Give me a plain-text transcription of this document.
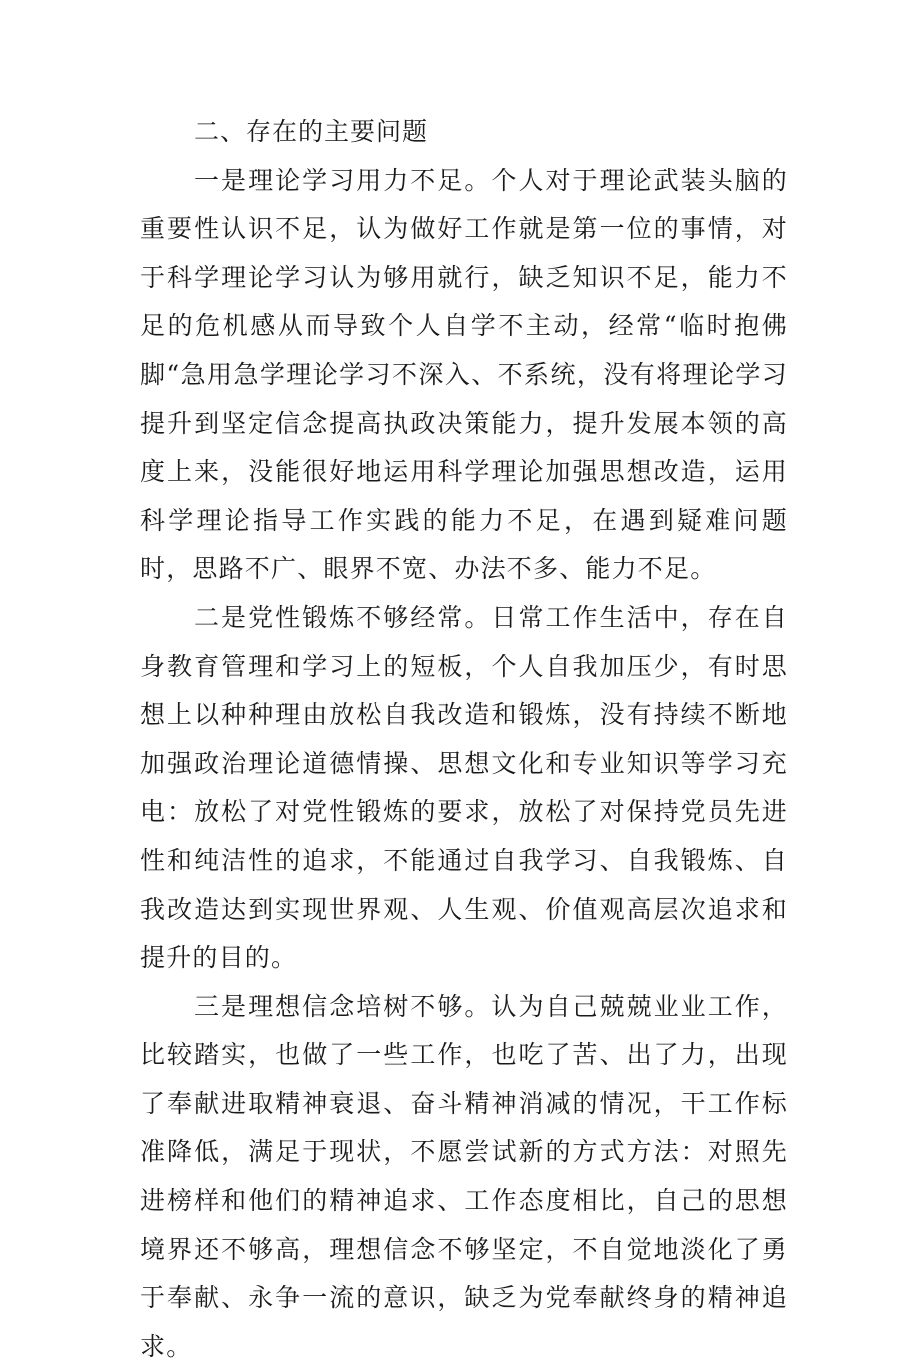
二、存在的主要问题

一是理论学习用力不足。个人对于理论武装头脑的重要性认识不足，认为做好工作就是第一位的事情，对于科学理论学习认为够用就行，缺乏知识不足，能力不足的危机感从而导致个人自学不主动，经常“临时抱佛脚“急用急学理论学习不深入、不系统，没有将理论学习提升到坚定信念提高执政决策能力，提升发展本领的高度上来，没能很好地运用科学理论加强思想改造，运用科学理论指导工作实践的能力不足，在遇到疑难问题时，思路不广、眼界不宽、办法不多、能力不足。

二是党性锻炼不够经常。日常工作生活中，存在自身教育管理和学习上的短板，个人自我加压少，有时思想上以种种理由放松自我改造和锻炼，没有持续不断地加强政治理论道德情操、思想文化和专业知识等学习充电：放松了对党性锻炼的要求，放松了对保持党员先进性和纯洁性的追求，不能通过自我学习、自我锻炼、自我改造达到实现世界观、人生观、价值观高层次追求和提升的目的。

三是理想信念培树不够。认为自己兢兢业业工作，比较踏实，也做了一些工作，也吃了苦、出了力，出现了奉献进取精神衰退、奋斗精神消减的情况，干工作标准降低，满足于现状，不愿尝试新的方式方法：对照先进榜样和他们的精神追求、工作态度相比，自己的思想境界还不够高，理想信念不够坚定，不自觉地淡化了勇于奉献、永争一流的意识，缺乏为党奉献终身的精神追求。
